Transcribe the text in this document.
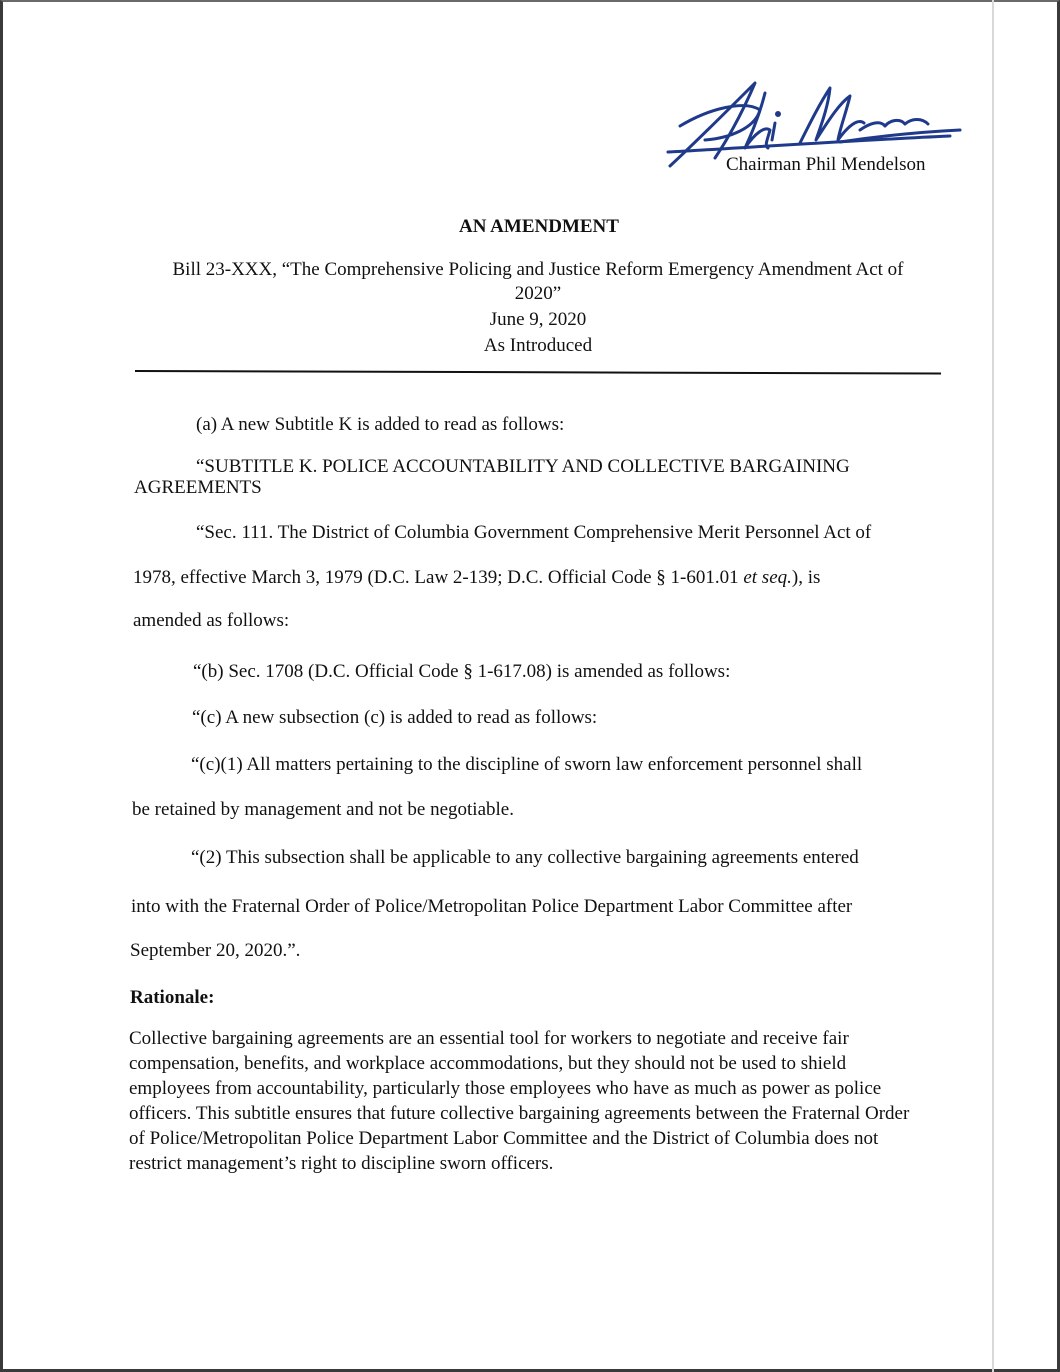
Chairman Phil Mendelson
AN AMENDMENT
Bill 23-XXX, “The Comprehensive Policing and Justice Reform Emergency Amendment Act of
2020”
June 9, 2020
As Introduced
(a) A new Subtitle K is added to read as follows:
“SUBTITLE K. POLICE ACCOUNTABILITY AND COLLECTIVE BARGAINING
AGREEMENTS
“Sec. 111. The District of Columbia Government Comprehensive Merit Personnel Act of
1978, effective March 3, 1979 (D.C. Law 2-139; D.C. Official Code § 1-601.01 et seq.), is
amended as follows:
“(b) Sec. 1708 (D.C. Official Code § 1-617.08) is amended as follows:
“(c) A new subsection (c) is added to read as follows:
“(c)(1) All matters pertaining to the discipline of sworn law enforcement personnel shall
be retained by management and not be negotiable.
“(2) This subsection shall be applicable to any collective bargaining agreements entered
into with the Fraternal Order of Police/Metropolitan Police Department Labor Committee after
September 20, 2020.”.
Rationale:
Collective bargaining agreements are an essential tool for workers to negotiate and receive fair compensation, benefits, and workplace accommodations, but they should not be used to shield employees from accountability, particularly those employees who have as much as power as police officers. This subtitle ensures that future collective bargaining agreements between the Fraternal Order of Police/Metropolitan Police Department Labor Committee and the District of Columbia does not restrict management’s right to discipline sworn officers.
